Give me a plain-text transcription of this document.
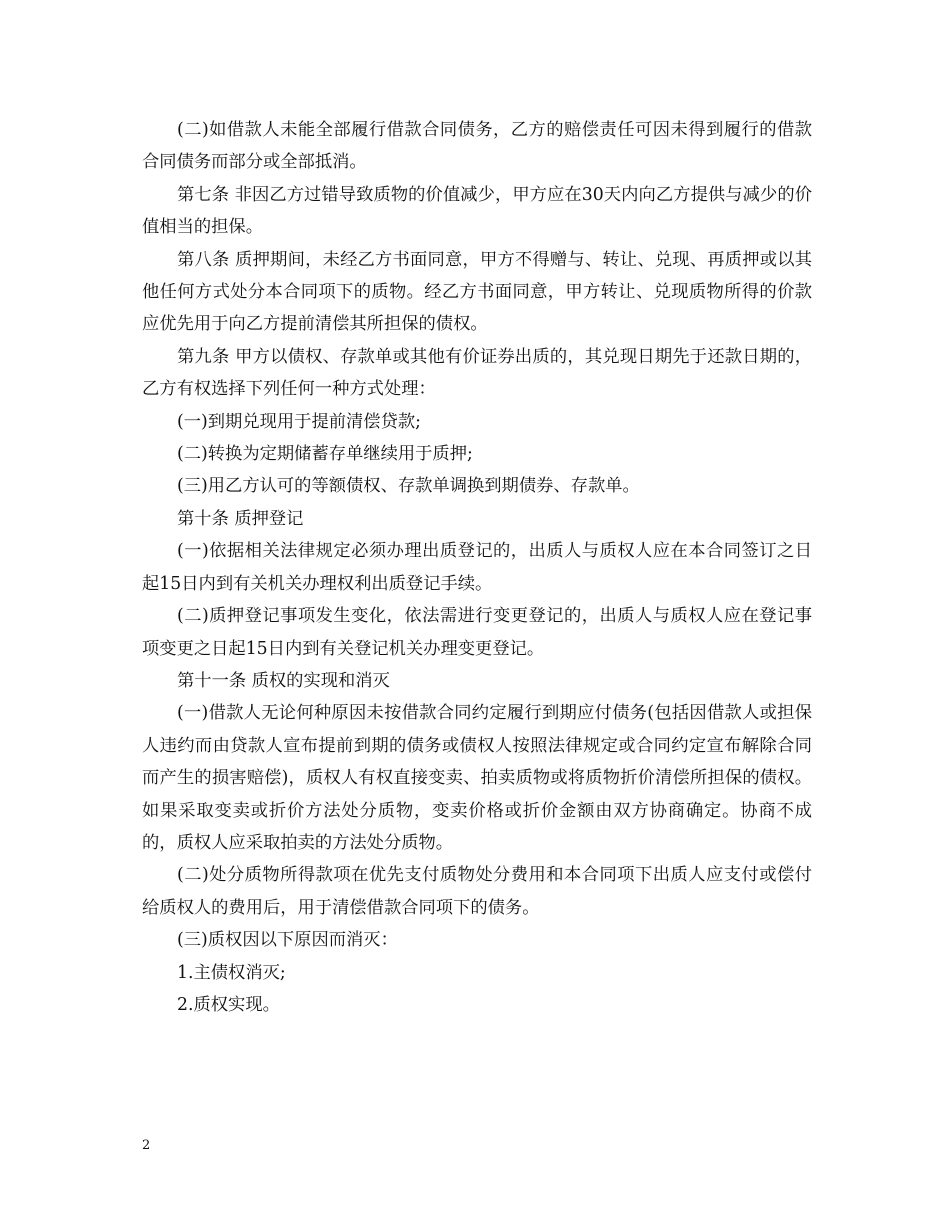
(二)如借款人未能全部履行借款合同债务，乙方的赔偿责任可因未得到履行的借款合同债务而部分或全部抵消。

第七条 非因乙方过错导致质物的价值减少，甲方应在30天内向乙方提供与减少的价值相当的担保。

第八条 质押期间，未经乙方书面同意，甲方不得赠与、转让、兑现、再质押或以其他任何方式处分本合同项下的质物。经乙方书面同意，甲方转让、兑现质物所得的价款应优先用于向乙方提前清偿其所担保的债权。

第九条 甲方以债权、存款单或其他有价证券出质的，其兑现日期先于还款日期的，乙方有权选择下列任何一种方式处理：

(一)到期兑现用于提前清偿贷款;

(二)转换为定期储蓄存单继续用于质押;

(三)用乙方认可的等额债权、存款单调换到期债券、存款单。

第十条 质押登记

(一)依据相关法律规定必须办理出质登记的，出质人与质权人应在本合同签订之日起15日内到有关机关办理权利出质登记手续。

(二)质押登记事项发生变化，依法需进行变更登记的，出质人与质权人应在登记事项变更之日起15日内到有关登记机关办理变更登记。

第十一条 质权的实现和消灭

(一)借款人无论何种原因未按借款合同约定履行到期应付债务(包括因借款人或担保人违约而由贷款人宣布提前到期的债务或债权人按照法律规定或合同约定宣布解除合同而产生的损害赔偿)，质权人有权直接变卖、拍卖质物或将质物折价清偿所担保的债权。如果采取变卖或折价方法处分质物，变卖价格或折价金额由双方协商确定。协商不成的，质权人应采取拍卖的方法处分质物。

(二)处分质物所得款项在优先支付质物处分费用和本合同项下出质人应支付或偿付给质权人的费用后，用于清偿借款合同项下的债务。

(三)质权因以下原因而消灭：

1.主债权消灭;

2.质权实现。

2
